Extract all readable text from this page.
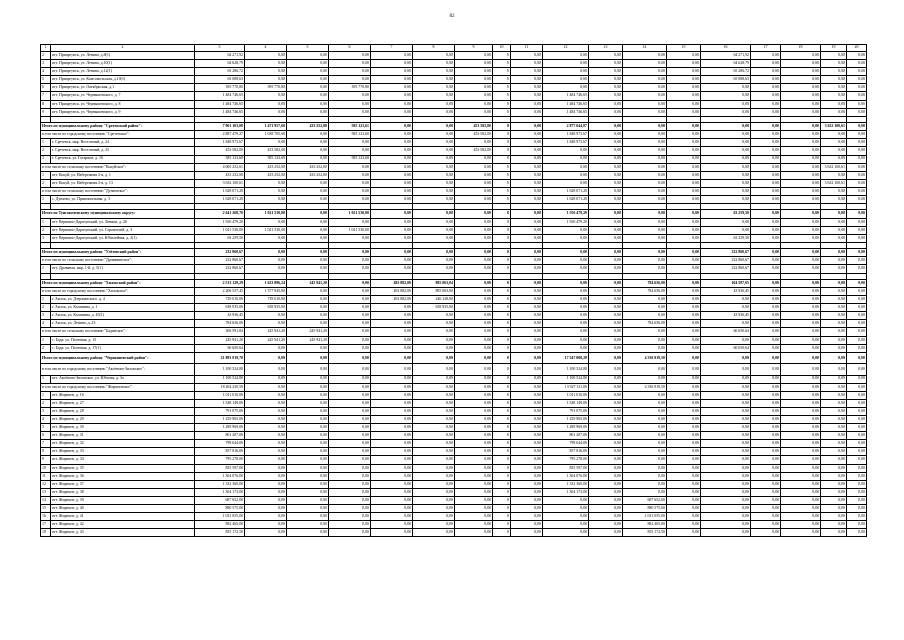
82
1	2	3	4	5	6	7	8	9	10	11	12	13	14	15	16	17	18	19	20
2	пгт. Приаргунск, ул. Ленина, д.8(1)	64 271,92	0,00	0,00	0,00	0,00	0,00	0,00	0	0,00	0,00	0,00	0,00	0,00	64 271,92	0,00	0,00	0,00	0,00
3	пгт. Приаргунск, ул. Ленина, д.10(1)	64 628,79	0,00	0,00	0,00	0,00	0,00	0,00	0	0,00	0,00	0,00	0,00	0,00	64 628,79	0,00	0,00	0,00	0,00
4	пгт. Приаргунск, ул. Ленина, д.12(1)	65 286,72	0,00	0,00	0,00	0,00	0,00	0,00	0	0,00	0,00	0,00	0,00	0,00	65 286,72	0,00	0,00	0,00	0,00
5	пгт. Приаргунск, ул. Комсомольская, д.10(1)	65 088,63	0,00	0,00	0,00	0,00	0,00	0,00	0	0,00	0,00	0,00	0,00	0,00	65 088,63	0,00	0,00	0,00	0,00
6	пгт. Приаргунск, ул. Октябрьская, д.1	395 770,80	395 770,80	0,00	395 770,80	0,00	0,00	0,00	0	0,00	0,00	0,00	0,00	0,00	0,00	0,00	0,00	0,00	0,00
7	пгт. Приаргунск, ул. Чернышевского, д. 7	1 484 746,65	0,00	0,00	0,00	0,00	0,00	0,00	0	0,00	1 484 746,65	0,00	0,00	0,00	0,00	0,00	0,00	0,00	0,00
8	пгт. Приаргунск, ул. Чернышевского, д. 8	1 484 746,65	0,00	0,00	0,00	0,00	0,00	0,00	0	0,00	1 484 746,65	0,00	0,00	0,00	0,00	0,00	0,00	0,00	0,00
9	пгт. Приаргунск, ул. Чернышевского, д. 9	1 484 746,65	0,00	0,00	0,00	0,00	0,00	0,00	0	0,00	1 484 746,65	0,00	0,00	0,00	0,00	0,00	0,00	0,00	0,00

Итого по муниципальному району "Сретенский район":		7 961 103,08	1 471 957,60	433 252,00	585 123,61	0,00	0,00	453 582,00	0	0,00	2 877 044,87	0,00	0,00	0,00	0,00	0,00	0,00	3 632 100,61	0,00
в том числе по городскому поселению "Сретенское":		2 887 479,27	1 038 705,60	0,00	585 123,60	0,00	0,00	453 582,00	0	0,00	1 848 973,67	0,00	0,00	0,00	0,00	0,00	0,00	0,00	0,00
1	г. Сретенск, мкр. Восточный, д. 24	1 848 973,67	0,00	0,00	0,00	0,00	0,00	0,00	0	0,00	1 848 973,67	0,00	0,00	0,00	0,00	0,00	0,00	0,00	0,00
2	г. Сретенск, мкр. Восточный, д. 25	453 582,00	453 582,00	0,00	0,00	0,00	0,00	453 582,00	0	0,00	0,00	0,00	0,00	0,00	0,00	0,00	0,00	0,00	0,00
3	г. Сретенск, ул. Гагарина, д. 16	585 123,60	585 123,60	0,00	585 123,60	0,00	0,00	0,00	0	0,00	0,00	0,00	0,00	0,00	0,00	0,00	0,00	0,00	0,00
в том числе по сельскому поселению "Кокуйское":		4 065 252,61	433 252,00	433 252,00	0,00	0,00	0,00	0,00	0	0,00	0,00	0,00	0,00	0,00	0,00	0,00	0,00	3 632 100,61	0,00
1	пгт. Кокуй, ул. Набережная 2-я, д. 1	433 252,00	433 252,00	433 252,00	0,00	0,00	0,00	0,00	0	0,00	0,00	0,00	0,00	0,00	0,00	0,00	0,00	0,00	0,00
2	пгт. Кокуй, ул. Набережная 2-я, д. 13	3 632 100,61	0,00	0,00	0,00	0,00	0,00	0,00	0	0,00	0,00	0,00	0,00	0,00	0,00	0,00	0,00	3 632 100,61	0,00
в том числе по сельскому поселению "Дунаевское":		1 028 071,20	0,00	0,00	0,00	0,00	0,00	0,00	0	0,00	1 028 071,20	0,00	0,00	0,00	0,00	0,00	0,00	0,00	0,00
1	с. Дунаево, ул. Привокзальная, д. 3	1 028 071,20	0,00	0,00	0,00	0,00	0,00	0,00	0	0,00	1 028 071,20	0,00	0,00	0,00	0,00	0,00	0,00	0,00	0,00

Итого по Тунгокоченскому муниципальному округу:		2 641 268,70	1 021 530,00	0,00	1 021 530,00	0,00	0,00	0,00	0	0,00	1 556 479,20	0,00	0,00	0,00	63 259,50	0,00	0,00	0,00	0,00
1	пгт. Вершино-Дарасунский, ул. Ленина, д. 26	1 556 479,20	0,00	0,00	0,00	0,00	0,00	0,00	0	0,00	1 556 479,20	0,00	0,00	0,00	0,00	0,00	0,00	0,00	0,00
2	пгт. Вершино-Дарасунский, ул. Строителей, д. 3	1 021 530,00	1 021 530,00	0,00	1 021 530,00	0,00	0,00	0,00	0	0,00	0,00	0,00	0,00	0,00	0,00	0,00	0,00	0,00	0,00
3	пгт. Вершино-Дарасунский, ул. Юбилейная, д. 2(1)	63 259,50	0,00	0,00	0,00	0,00	0,00	0,00	0	0,00	0,00	0,00	0,00	0,00	63 259,50	0,00	0,00	0,00	0,00

Итого по муниципальному району "Улётовский район":		232 860,67	0,00	0,00	0,00	0,00	0,00	0,00	0	0,00	0,00	0,00	0,00	0,00	232 860,67	0,00	0,00	0,00	0,00
в том числе по сельскому поселению "Дровянинское":		232 860,67	0,00	0,00	0,00	0,00	0,00	0,00	0	0,00	0,00	0,00	0,00	0,00	232 860,67	0,00	0,00	0,00	0,00
1	пгт. Дровяная, мкр. 1-й, д. 5(1)	232 860,67	0,00	0,00	0,00	0,00	0,00	0,00	0	0,00	0,00	0,00	0,00	0,00	232 860,67	0,00	0,00	0,00	0,00

Итого по муниципальному району "Хилокский район":		2 513 129,29	1 623 886,24	245 941,20	0,00	492 882,00	885 063,04	0,00	0	0,00	0,00	0,00	784 656,00	0,00	104 587,05	0,00	0,00	0,00	0,00
в том числе по городскому поселению "Хилокское":		2 206 537,45	1 377 945,00	0,00	0,00	492 882,00	885 063,00	0,00	0	0,00	0,00	0,00	784 656,00	0,00	43 936,45	0,00	0,00	0,00	0,00
1	г. Хилок, ул. Дзержинского, д. 4	739 010,00	739 010,00	0,00	0,00	492 882,00	246 128,00	0,00	0	0,00	0,00	0,00	0,00	0,00	0,00	0,00	0,00	0,00	0,00
2	г. Хилок, ул. Калинина, д. 1	638 935,00	638 935,00	0,00	0,00	0,00	638 935,00	0,00	0	0,00	0,00	0,00	0,00	0,00	0,00	0,00	0,00	0,00	0,00
3	г. Хилок, ул. Калинина, д. 45(1)	43 936,45	0,00	0,00	0,00	0,00	0,00	0,00	0	0,00	0,00	0,00	0,00	0,00	43 936,45	0,00	0,00	0,00	0,00
4	г. Хилок, ул. Ленина, д. 23	784 656,00	0,00	0,00	0,00	0,00	0,00	0,00	0	0,00	0,00	0,00	784 656,00	0,00	0,00	0,00	0,00	0,00	0,00
в том числе по сельскому поселению "Бадинское":		306 591,84	245 941,20	245 941,20	0,00	0,00	0,00	0,00	0	0,00	0,00	0,00	0,00	0,00	60 650,64	0,00	0,00	0,00	0,00
1	с. Бада, ул. Почтовая, д. 15	245 941,20	245 941,20	245 941,20	0,00	0,00	0,00	0,00	0	0,00	0,00	0,00	0,00	0,00	0,00	0,00	0,00	0,00	0,00
2	с. Бада, ул. Почтовая, д. 17(1)	60 650,64	0,00	0,00	0,00	0,00	0,00	0,00	0	0,00	0,00	0,00	0,00	0,00	60 650,64	0,00	0,00	0,00	0,00
Итого по муниципальному району "Чернышевский район":		21 883 919,78	0,00	0,00	0,00	0,00	0,00	0,00	0	0,00	17 547 000,28	0,00	4 336 919,50	0,00	0,00	0,00	0,00	0,00	0,00
в том числе по городскому поселению "Аксёново-Зиловское":		1 100 524,80	0,00	0,00	0,00	0,00	0,00	0,00	0	0,00	1 100 524,80	0,00	0,00	0,00	0,00	0,00	0,00	0,00	0,00
1	пгт. Аксёново-Зиловское, ул. Юбилея, д. 3а	1 100 524,80	0,00	0,00	0,00	0,00	0,00	0,00	0	0,00	1 100 524,80	0,00	0,00	0,00	0,00	0,00	0,00	0,00	0,00
в том числе по городскому поселению "Жирекенское":		18 264 230,50	0,00	0,00	0,00	0,00	0,00	0,00	0	0,00	13 927 311,00	0,00	4 336 919,50	0,00	0,00	0,00	0,00	0,00	0,00
1	пгт. Жирекен, д. 16	1 011 010,00	0,00	0,00	0,00	0,00	0,00	0,00	0	0,00	1 011 010,00	0,00	0,00	0,00	0,00	0,00	0,00	0,00	0,00
2	пгт. Жирекен, д. 27	1 548 149,00	0,00	0,00	0,00	0,00	0,00	0,00	0	0,00	1 548 149,00	0,00	0,00	0,00	0,00	0,00	0,00	0,00	0,00
3	пгт. Жирекен, д. 28	791 075,00	0,00	0,00	0,00	0,00	0,00	0,00	0	0,00	791 075,00	0,00	0,00	0,00	0,00	0,00	0,00	0,00	0,00
4	пгт. Жирекен, д. 29	1 259 965,00	0,00	0,00	0,00	0,00	0,00	0,00	0	0,00	1 259 965,00	0,00	0,00	0,00	0,00	0,00	0,00	0,00	0,00
5	пгт. Жирекен, д. 30	1 289 969,00	0,00	0,00	0,00	0,00	0,00	0,00	0	0,00	1 289 969,00	0,00	0,00	0,00	0,00	0,00	0,00	0,00	0,00
6	пгт. Жирекен, д. 31	801 207,00	0,00	0,00	0,00	0,00	0,00	0,00	0	0,00	801 207,00	0,00	0,00	0,00	0,00	0,00	0,00	0,00	0,00
7	пгт. Жирекен, д. 32	798 644,00	0,00	0,00	0,00	0,00	0,00	0,00	0	0,00	798 644,00	0,00	0,00	0,00	0,00	0,00	0,00	0,00	0,00
8	пгт. Жирекен, д. 33	857 816,00	0,00	0,00	0,00	0,00	0,00	0,00	0	0,00	857 816,00	0,00	0,00	0,00	0,00	0,00	0,00	0,00	0,00
9	пгт. Жирекен, д. 34	795 278,00	0,00	0,00	0,00	0,00	0,00	0,00	0	0,00	795 278,00	0,00	0,00	0,00	0,00	0,00	0,00	0,00	0,00
10	пгт. Жирекен, д. 35	855 597,00	0,00	0,00	0,00	0,00	0,00	0,00	0	0,00	855 597,00	0,00	0,00	0,00	0,00	0,00	0,00	0,00	0,00
11	пгт. Жирекен, д. 36	1 304 076,00	0,00	0,00	0,00	0,00	0,00	0,00	0	0,00	1 304 076,00	0,00	0,00	0,00	0,00	0,00	0,00	0,00	0,00
12	пгт. Жирекен, д. 37	1 332 360,00	0,00	0,00	0,00	0,00	0,00	0,00	0	0,00	1 332 360,00	0,00	0,00	0,00	0,00	0,00	0,00	0,00	0,00
13	пгт. Жирекен, д. 38	1 304 173,00	0,00	0,00	0,00	0,00	0,00	0,00	0	0,00	1 304 173,00	0,00	0,00	0,00	0,00	0,00	0,00	0,00	0,00
14	пгт. Жирекен, д. 39	687 652,00	0,00	0,00	0,00	0,00	0,00	0,00	0	0,00	0,00	0,00	687 652,00	0,00	0,00	0,00	0,00	0,00	0,00
15	пгт. Жирекен, д. 40	880 575,00	0,00	0,00	0,00	0,00	0,00	0,00	0	0,00	0,00	0,00	880 575,00	0,00	0,00	0,00	0,00	0,00	0,00
16	пгт. Жирекен, д. 41	1 031 055,00	0,00	0,00	0,00	0,00	0,00	0,00	0	0,00	0,00	0,00	1 031 055,00	0,00	0,00	0,00	0,00	0,00	0,00
17	пгт. Жирекен, д. 42	882 465,00	0,00	0,00	0,00	0,00	0,00	0,00	0	0,00	0,00	0,00	882 465,00	0,00	0,00	0,00	0,00	0,00	0,00
18	пгт. Жирекен, д. 43	855 172,50	0,00	0,00	0,00	0,00	0,00	0,00	0	0,00	0,00	0,00	855 172,50	0,00	0,00	0,00	0,00	0,00	0,00
